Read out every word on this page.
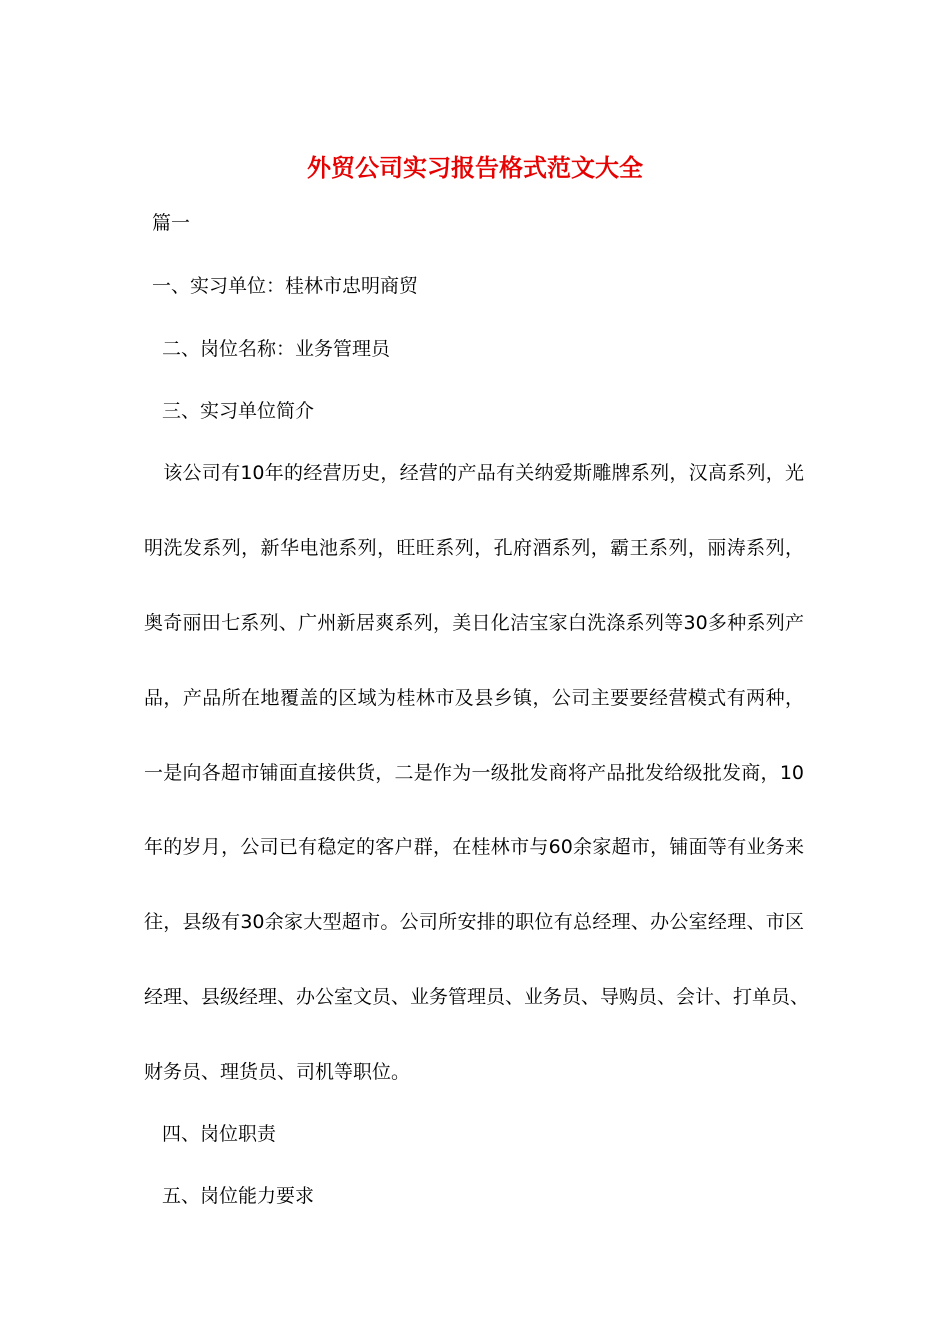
外贸公司实习报告格式范文大全

篇一

一、实习单位：桂林市忠明商贸

二、岗位名称：业务管理员

三、实习单位简介

　该公司有10年的经营历史，经营的产品有关纳爱斯雕牌系列，汉高系列，光

明洗发系列，新华电池系列，旺旺系列，孔府酒系列，霸王系列，丽涛系列，

奥奇丽田七系列、广州新居爽系列，美日化洁宝家白洗涤系列等30多种系列产

品，产品所在地覆盖的区域为桂林市及县乡镇，公司主要要经营模式有两种，

一是向各超市铺面直接供货，二是作为一级批发商将产品批发给级批发商，10

年的岁月，公司已有稳定的客户群，在桂林市与60余家超市，铺面等有业务来

往，县级有30余家大型超市。公司所安排的职位有总经理、办公室经理、市区

经理、县级经理、办公室文员、业务管理员、业务员、导购员、会计、打单员、

财务员、理货员、司机等职位。

四、岗位职责

五、岗位能力要求
